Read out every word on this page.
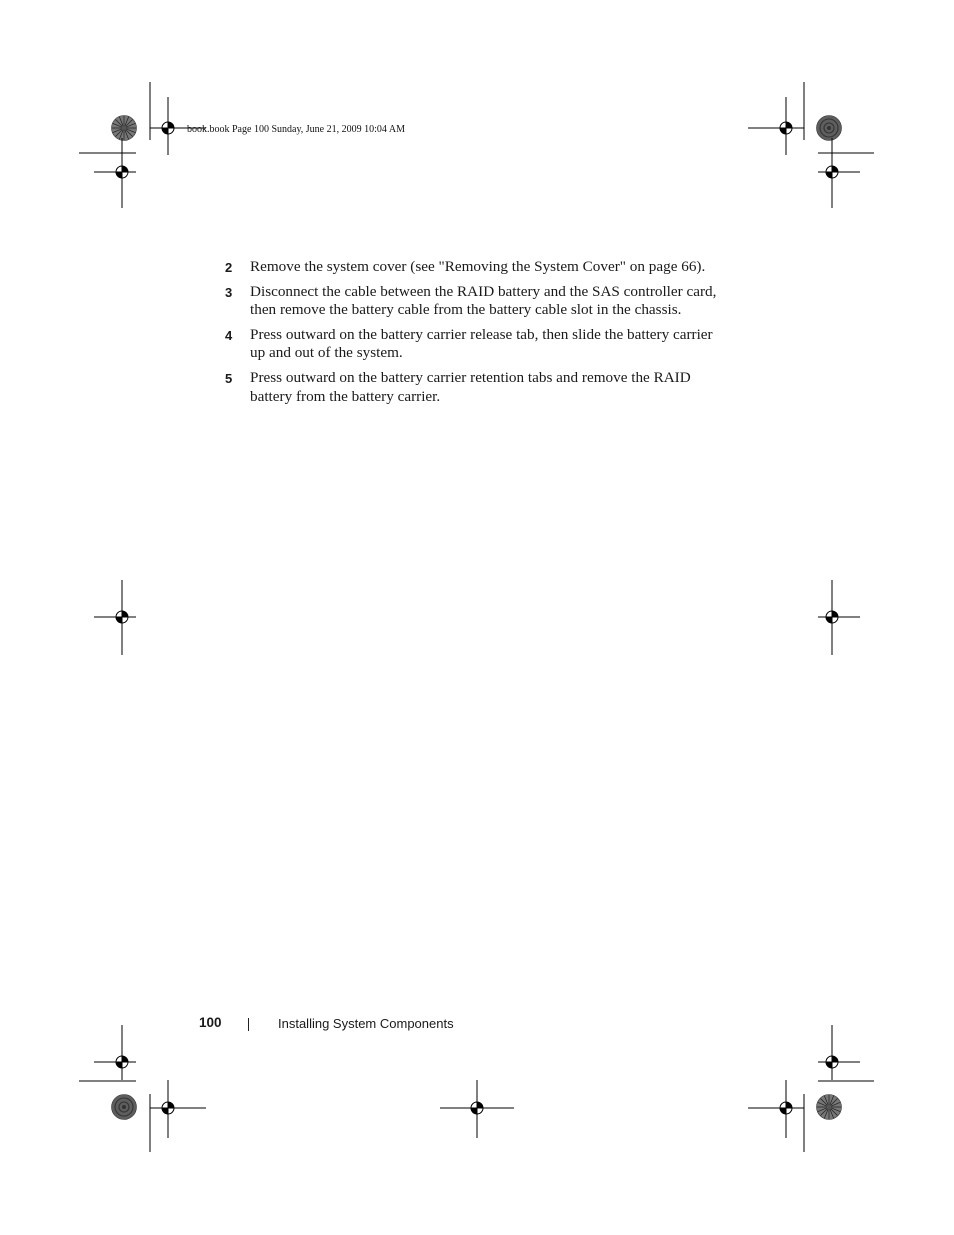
book.book Page 100 Sunday, June 21, 2009 10:04 AM
2 Remove the system cover (see "Removing the System Cover" on page 66).
3 Disconnect the cable between the RAID battery and the SAS controller card, then remove the battery cable from the battery cable slot in the chassis.
4 Press outward on the battery carrier release tab, then slide the battery carrier up and out of the system.
5 Press outward on the battery carrier retention tabs and remove the RAID battery from the battery carrier.
100	Installing System Components
